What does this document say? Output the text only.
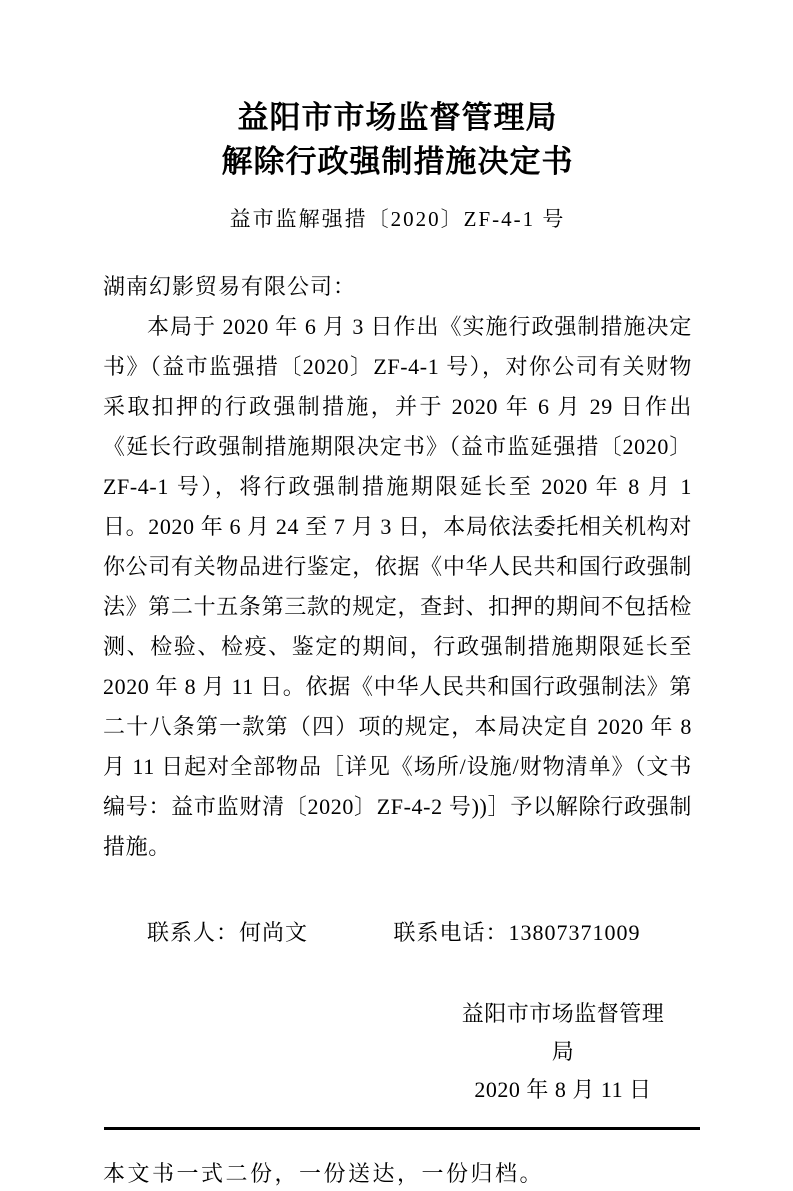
益阳市市场监督管理局
解除行政强制措施决定书
益市监解强措〔2020〕ZF-4-1 号
湖南幻影贸易有限公司：

本局于 2020 年 6 月 3 日作出《实施行政强制措施决定书》（益市监强措〔2020〕ZF-4-1 号），对你公司有关财物采取扣押的行政强制措施，并于 2020 年 6 月 29 日作出《延长行政强制措施期限决定书》（益市监延强措〔2020〕ZF-4-1 号），将行政强制措施期限延长至 2020 年 8 月 1 日。2020 年 6 月 24 至 7 月 3 日，本局依法委托相关机构对你公司有关物品进行鉴定，依据《中华人民共和国行政强制法》第二十五条第三款的规定，查封、扣押的期间不包括检测、检验、检疫、鉴定的期间，行政强制措施期限延长至 2020 年 8 月 11 日。依据《中华人民共和国行政强制法》第二十八条第一款第（四）项的规定，本局决定自 2020 年 8 月 11 日起对全部物品［详见《场所/设施/财物清单》（文书编号：益市监财清〔2020〕ZF-4-2 号))］予以解除行政强制措施。

联系人：何尚文	联系电话：13807371009
益阳市市场监督管理局
2020 年 8 月 11 日
本文书一式二份，一份送达，一份归档。
